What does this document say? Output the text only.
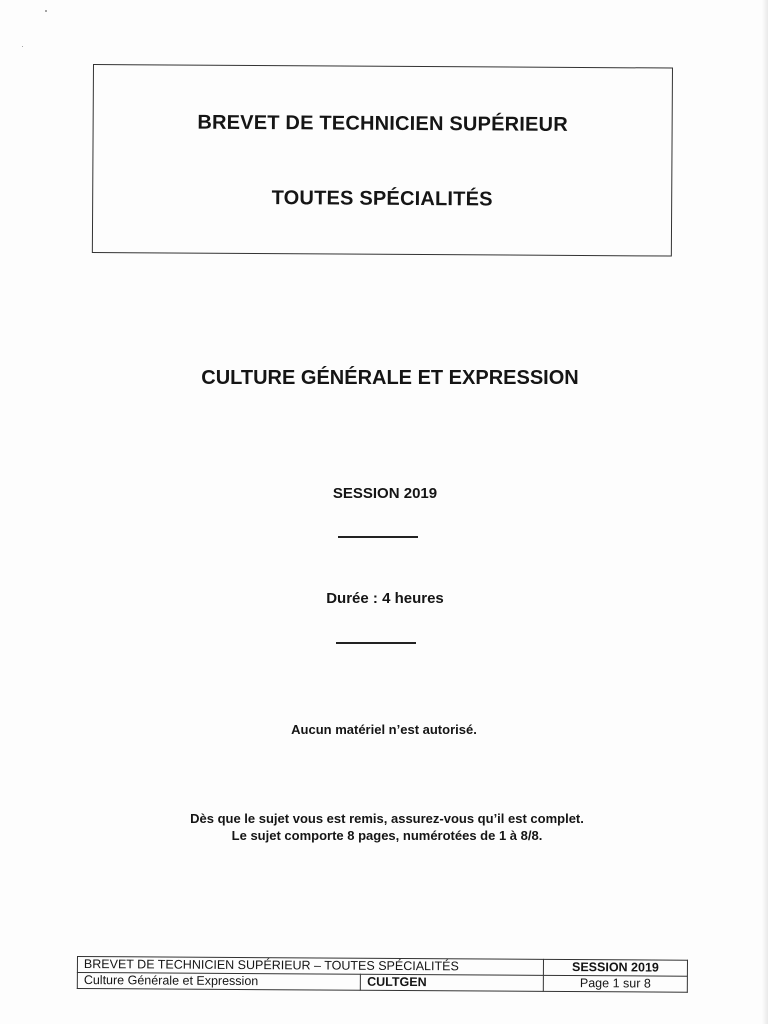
BREVET DE TECHNICIEN SUPÉRIEUR
TOUTES SPÉCIALITÉS
CULTURE GÉNÉRALE ET EXPRESSION
SESSION 2019
Durée : 4 heures
Aucun matériel n’est autorisé.
Dès que le sujet vous est remis, assurez-vous qu’il est complet.
Le sujet comporte 8 pages, numérotées de 1 à 8/8.
BREVET DE TECHNICIEN SUPÉRIEUR – TOUTES SPÉCIALITÉS		SESSION 2019
Culture Générale et Expression	CULTGEN	Page 1 sur 8
